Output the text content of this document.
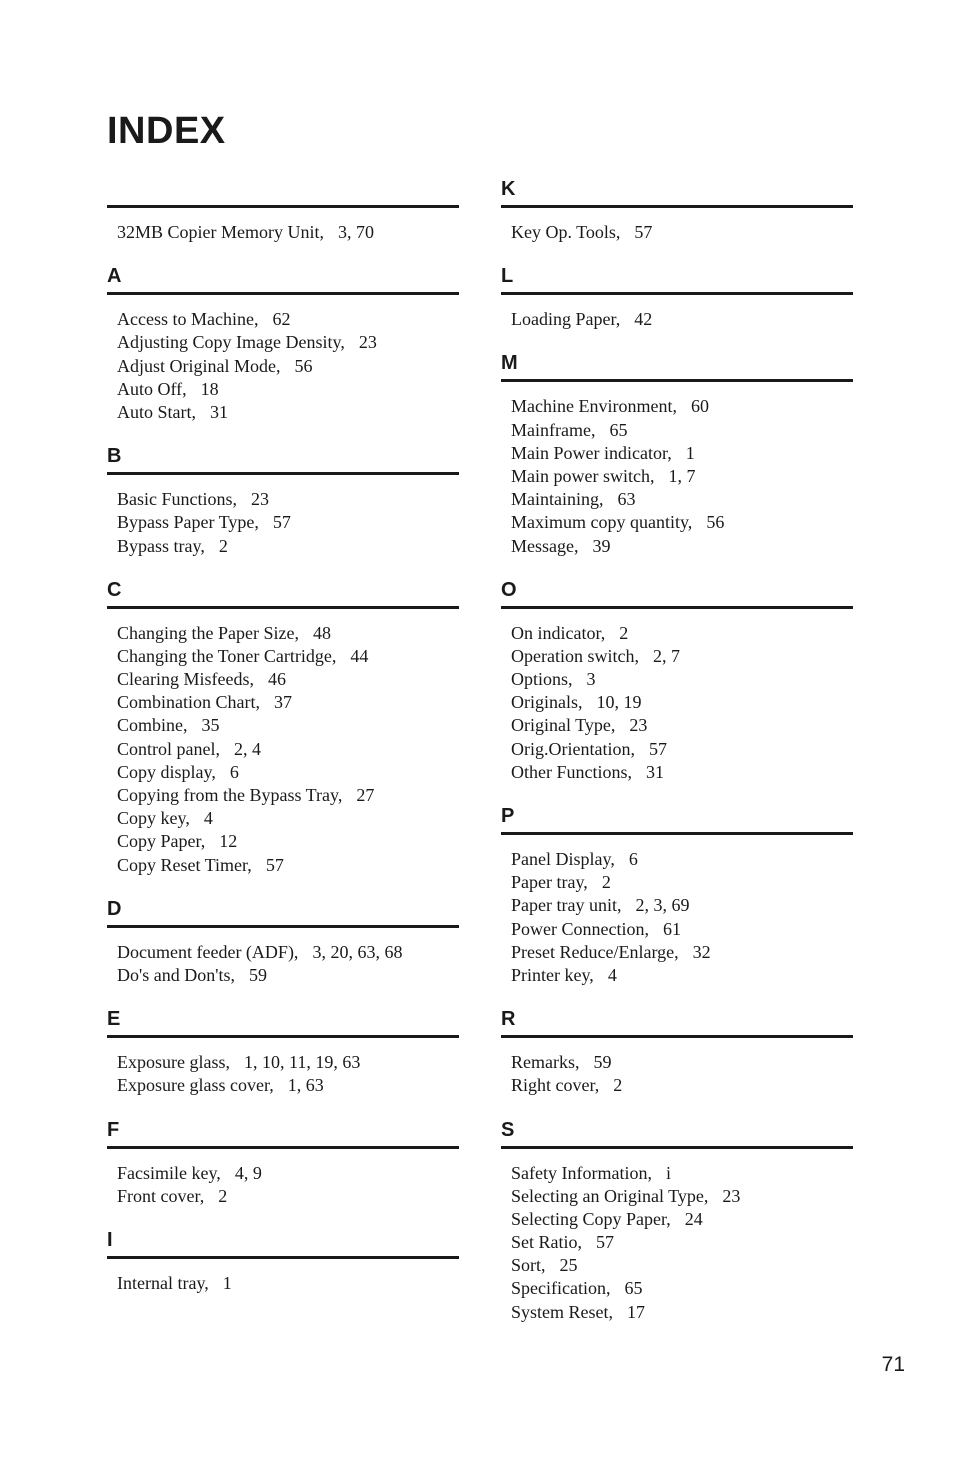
INDEX
32MB Copier Memory Unit, 3, 70
A
Access to Machine, 62
Adjusting Copy Image Density, 23
Adjust Original Mode, 56
Auto Off, 18
Auto Start, 31
B
Basic Functions, 23
Bypass Paper Type, 57
Bypass tray, 2
C
Changing the Paper Size, 48
Changing the Toner Cartridge, 44
Clearing Misfeeds, 46
Combination Chart, 37
Combine, 35
Control panel, 2, 4
Copy display, 6
Copying from the Bypass Tray, 27
Copy key, 4
Copy Paper, 12
Copy Reset Timer, 57
D
Document feeder (ADF), 3, 20, 63, 68
Do's and Don'ts, 59
E
Exposure glass, 1, 10, 11, 19, 63
Exposure glass cover, 1, 63
F
Facsimile key, 4, 9
Front cover, 2
I
Internal tray, 1
K
Key Op. Tools, 57
L
Loading Paper, 42
M
Machine Environment, 60
Mainframe, 65
Main Power indicator, 1
Main power switch, 1, 7
Maintaining, 63
Maximum copy quantity, 56
Message, 39
O
On indicator, 2
Operation switch, 2, 7
Options, 3
Originals, 10, 19
Original Type, 23
Orig.Orientation, 57
Other Functions, 31
P
Panel Display, 6
Paper tray, 2
Paper tray unit, 2, 3, 69
Power Connection, 61
Preset Reduce/Enlarge, 32
Printer key, 4
R
Remarks, 59
Right cover, 2
S
Safety Information, i
Selecting an Original Type, 23
Selecting Copy Paper, 24
Set Ratio, 57
Sort, 25
Specification, 65
System Reset, 17
71
